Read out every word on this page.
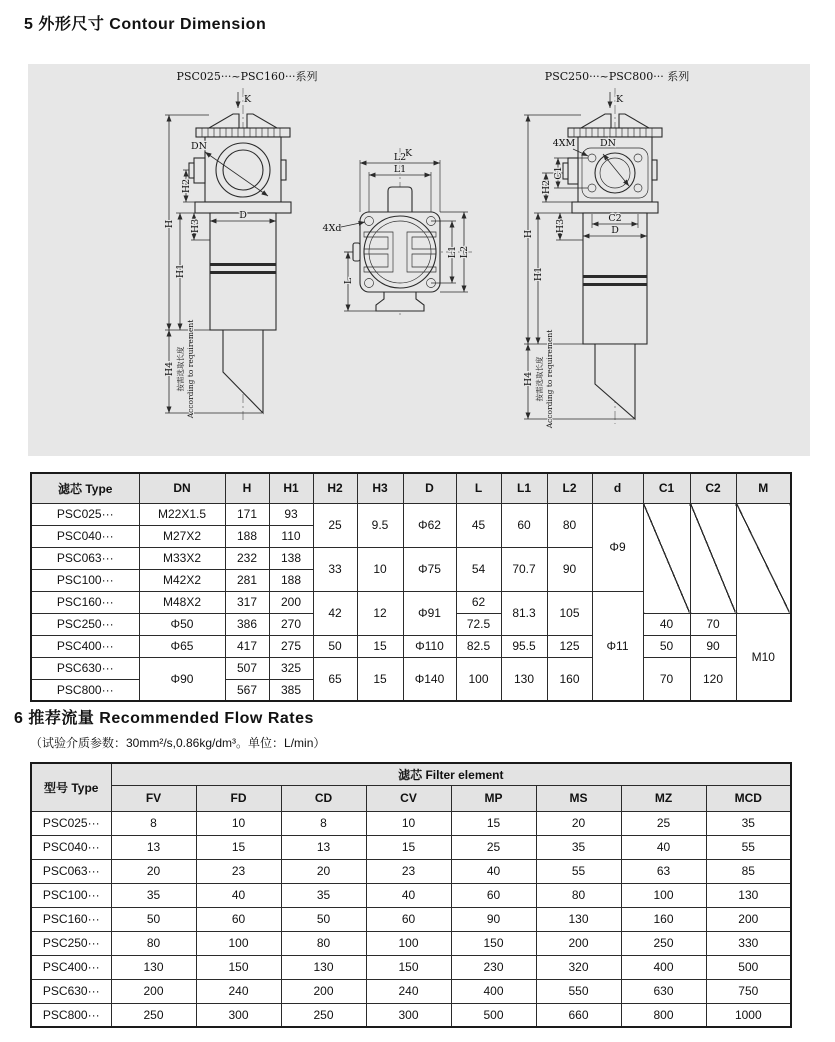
5 外形尺寸 Contour Dimension
PSC025···~PSC160···系列	PSC250···~PSC800··· 系列
K
DN
D
H
H1
H2
H3
H4 按需选取长度 According to requirement
K
L2
L1
4Xd
L
L1 L2
K
4XM	DN
C2
D
C1
H2
H3
H
H1
H4 按需选取长度 According to requirement
滤芯 Type	DN	H	H1	H2	H3	D	L	L1	L2	d	C1	C2	M
PSC025···	M22X1.5	171	93	25	9.5	Φ62	45	60	80	Φ9			
PSC040···	M27X2	188	110										
PSC063···	M33X2	232	138	33	10	Φ75	54	70.7	90				
PSC100···	M42X2	281	188										
PSC160···	M48X2	317	200	42	12	Φ91	62	81.3	105	Φ11			
PSC250···	Φ50	386	270				72.5				40	70	M10
PSC400···	Φ65	417	275	50	15	Φ110	82.5	95.5	125		50	90	
PSC630···	Φ90	507	325	65	15	Φ140	100	130	160		70	120	
PSC800···		567	385										
6 推荐流量 Recommended Flow Rates
（试验介质参数：30mm²/s,0.86kg/dm³。单位：L/min）
型号 Type	滤芯 Filter element							
	FV	FD	CD	CV	MP	MS	MZ	MCD
PSC025···	8	10	8	10	15	20	25	35
PSC040···	13	15	13	15	25	35	40	55
PSC063···	20	23	20	23	40	55	63	85
PSC100···	35	40	35	40	60	80	100	130
PSC160···	50	60	50	60	90	130	160	200
PSC250···	80	100	80	100	150	200	250	330
PSC400···	130	150	130	150	230	320	400	500
PSC630···	200	240	200	240	400	550	630	750
PSC800···	250	300	250	300	500	660	800	1000
